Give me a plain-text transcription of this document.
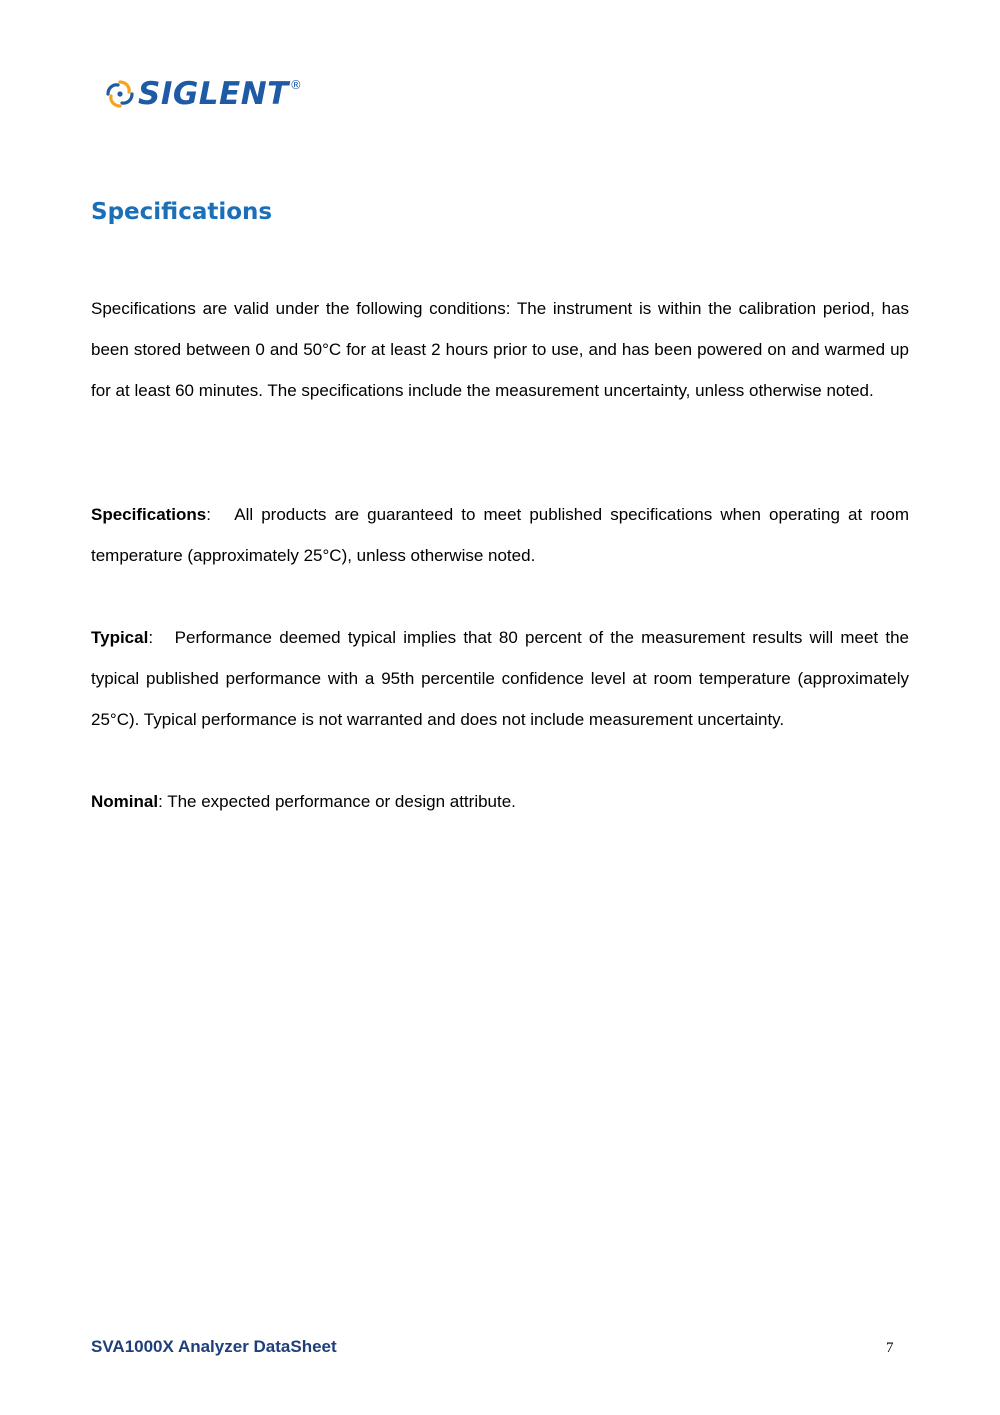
SIGLENT ®
Specifications

Specifications are valid under the following conditions: The instrument is within the calibration period, has been stored between 0 and 50°C for at least 2 hours prior to use, and has been powered on and warmed up for at least 60 minutes. The specifications include the measurement uncertainty, unless otherwise noted.

Specifications:   All products are guaranteed to meet published specifications when operating at room temperature (approximately 25°C), unless otherwise noted.

Typical:   Performance deemed typical implies that 80 percent of the measurement results will meet the typical published performance with a 95th percentile confidence level at room temperature (approximately 25°C). Typical performance is not warranted and does not include measurement uncertainty.

Nominal: The expected performance or design attribute.

SVA1000X Analyzer DataSheet	7
